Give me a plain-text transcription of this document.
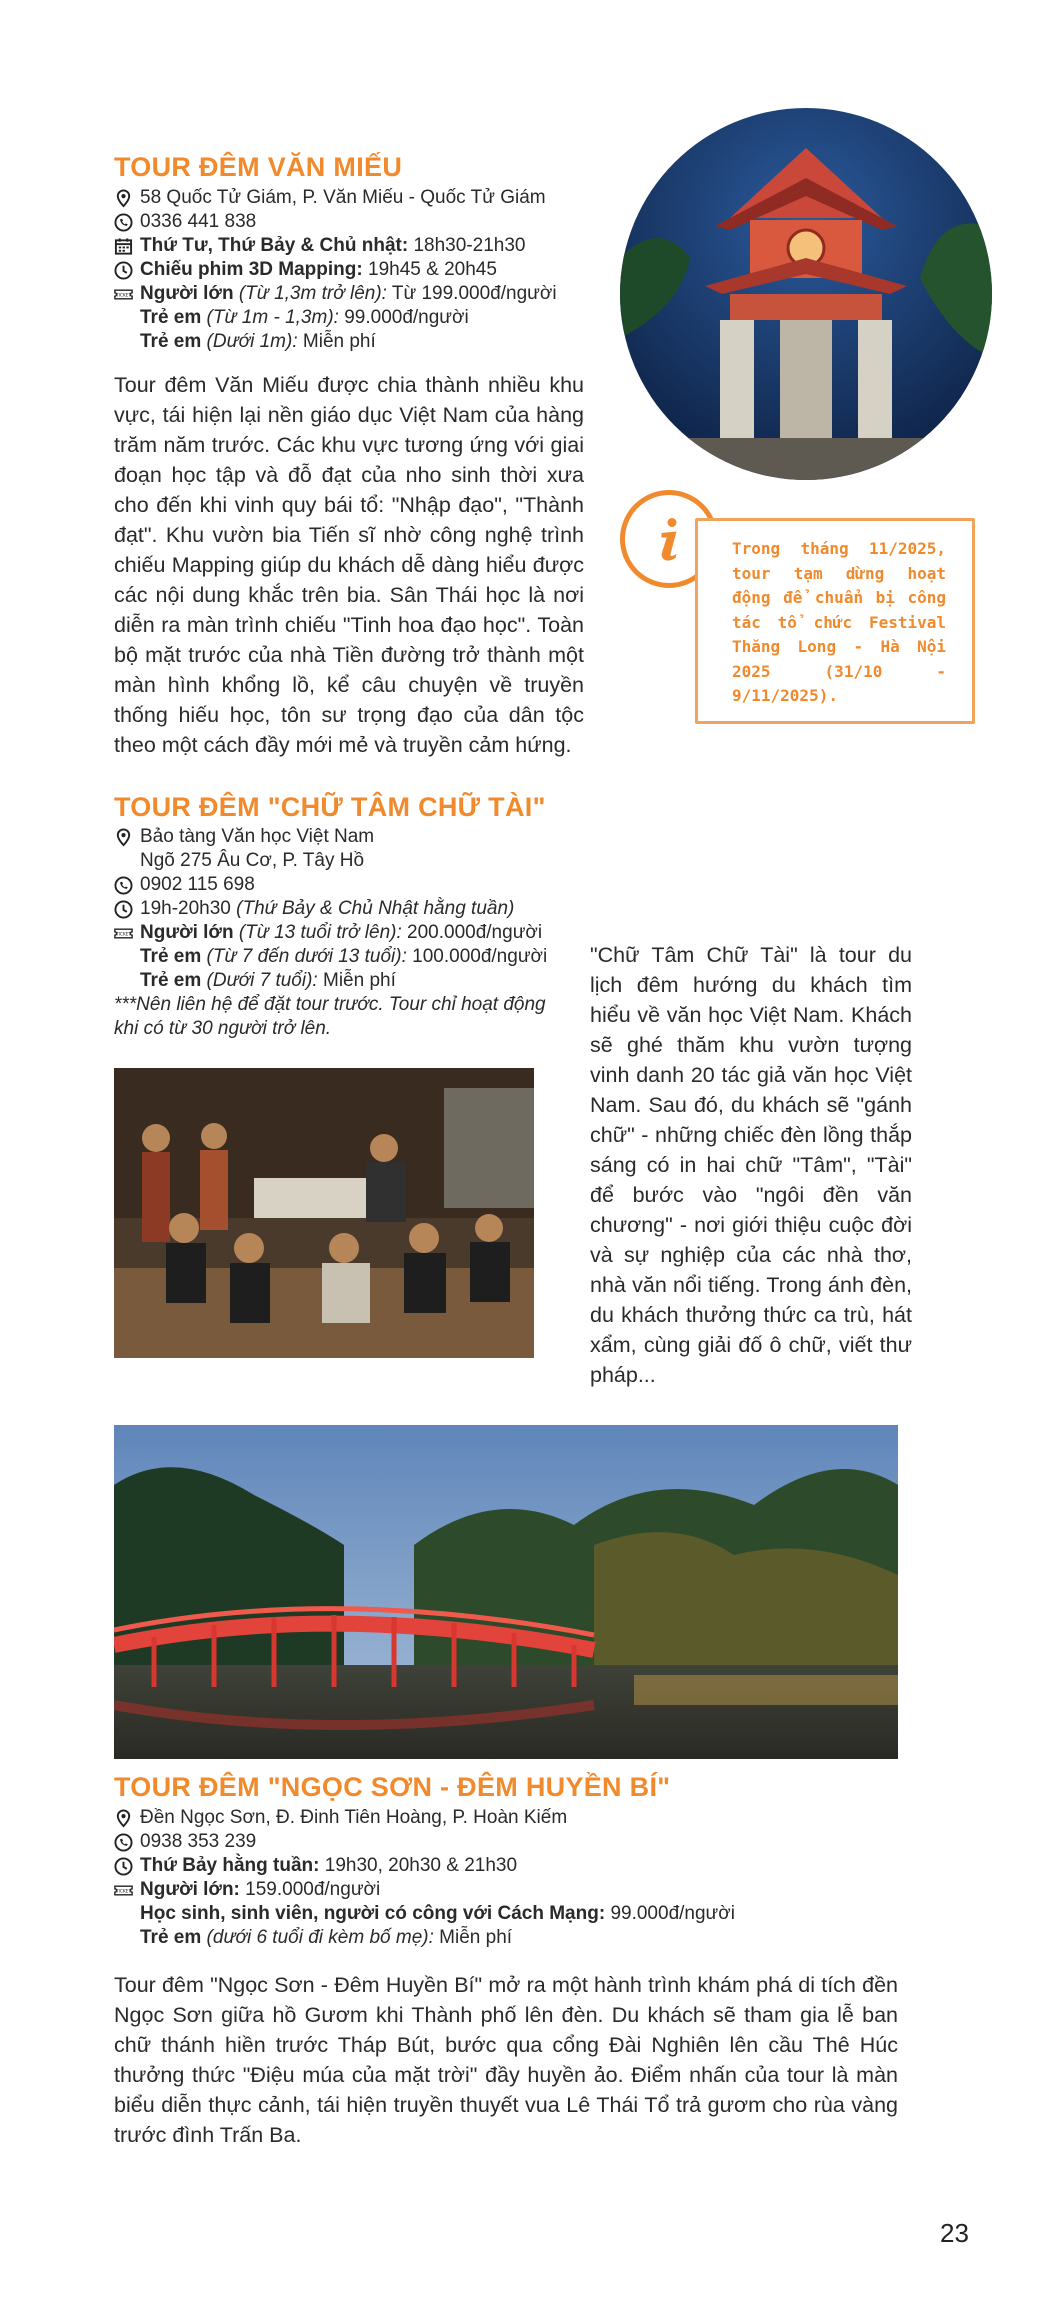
TOUR ĐÊM VĂN MIẾU
58 Quốc Tử Giám, P. Văn Miếu - Quốc Tử Giám
0336 441 838
Thứ Tư, Thứ Bảy & Chủ nhật: 18h30-21h30
Chiếu phim 3D Mapping: 19h45 & 20h45
TICKET Người lớn (Từ 1,3m trở lên): Từ 199.000đ/người
Trẻ em (Từ 1m - 1,3m): 99.000đ/người
Trẻ em (Dưới 1m): Miễn phí
Tour đêm Văn Miếu được chia thành nhiều khu vực, tái hiện lại nền giáo dục Việt Nam của hàng trăm năm trước. Các khu vực tương ứng với giai đoạn học tập và đỗ đạt của nho sinh thời xưa cho đến khi vinh quy bái tổ: "Nhập đạo", "Thành đạt". Khu vườn bia Tiến sĩ nhờ công nghệ trình chiếu Mapping giúp du khách dễ dàng hiểu được các nội dung khắc trên bia. Sân Thái học là nơi diễn ra màn trình chiếu "Tinh hoa đạo học". Toàn bộ mặt trước của nhà Tiền đường trở thành một màn hình khổng lồ, kể câu chuyện về truyền thống hiếu học, tôn sư trọng đạo của dân tộc theo một cách đầy mới mẻ và truyền cảm hứng.
Trong tháng 11/2025, tour tạm dừng hoạt động để chuẩn bị công tác tổ chức Festival Thăng Long - Hà Nội 2025 (31/10 - 9/11/2025).
TOUR ĐÊM "CHỮ TÂM CHỮ TÀI"
Bảo tàng Văn học Việt Nam
Ngõ 275 Âu Cơ, P. Tây Hồ
0902 115 698
19h-20h30 (Thứ Bảy & Chủ Nhật hằng tuần)
TICKET Người lớn (Từ 13 tuổi trở lên): 200.000đ/người
Trẻ em (Từ 7 đến dưới 13 tuổi): 100.000đ/người
Trẻ em (Dưới 7 tuổi): Miễn phí
***Nên liên hệ để đặt tour trước. Tour chỉ hoạt động khi có từ 30 người trở lên.
"Chữ Tâm Chữ Tài" là tour du lịch đêm hướng du khách tìm hiểu về văn học Việt Nam. Khách sẽ ghé thăm khu vườn tượng vinh danh 20 tác giả văn học Việt Nam. Sau đó, du khách sẽ "gánh chữ" - những chiếc đèn lồng thắp sáng có in hai chữ "Tâm", "Tài" để bước vào "ngôi đền văn chương" - nơi giới thiệu cuộc đời và sự nghiệp của các nhà thơ, nhà văn nổi tiếng. Trong ánh đèn, du khách thưởng thức ca trù, hát xẩm, cùng giải đố ô chữ, viết thư pháp...
TOUR ĐÊM "NGỌC SƠN - ĐÊM HUYỀN BÍ"
Đền Ngọc Sơn, Đ. Đinh Tiên Hoàng, P. Hoàn Kiếm
0938 353 239
Thứ Bảy hằng tuần: 19h30, 20h30 & 21h30
TICKET Người lớn: 159.000đ/người
Học sinh, sinh viên, người có công với Cách Mạng: 99.000đ/người
Trẻ em (dưới 6 tuổi đi kèm bố mẹ): Miễn phí
Tour đêm "Ngọc Sơn - Đêm Huyền Bí" mở ra một hành trình khám phá di tích đền Ngọc Sơn giữa hồ Gươm khi Thành phố lên đèn. Du khách sẽ tham gia lễ ban chữ thánh hiền trước Tháp Bút, bước qua cổng Đài Nghiên lên cầu Thê Húc thưởng thức "Điệu múa của mặt trời" đầy huyền ảo. Điểm nhấn của tour là màn biểu diễn thực cảnh, tái hiện truyền thuyết vua Lê Thái Tổ trả gươm cho rùa vàng trước đình Trấn Ba.
23
